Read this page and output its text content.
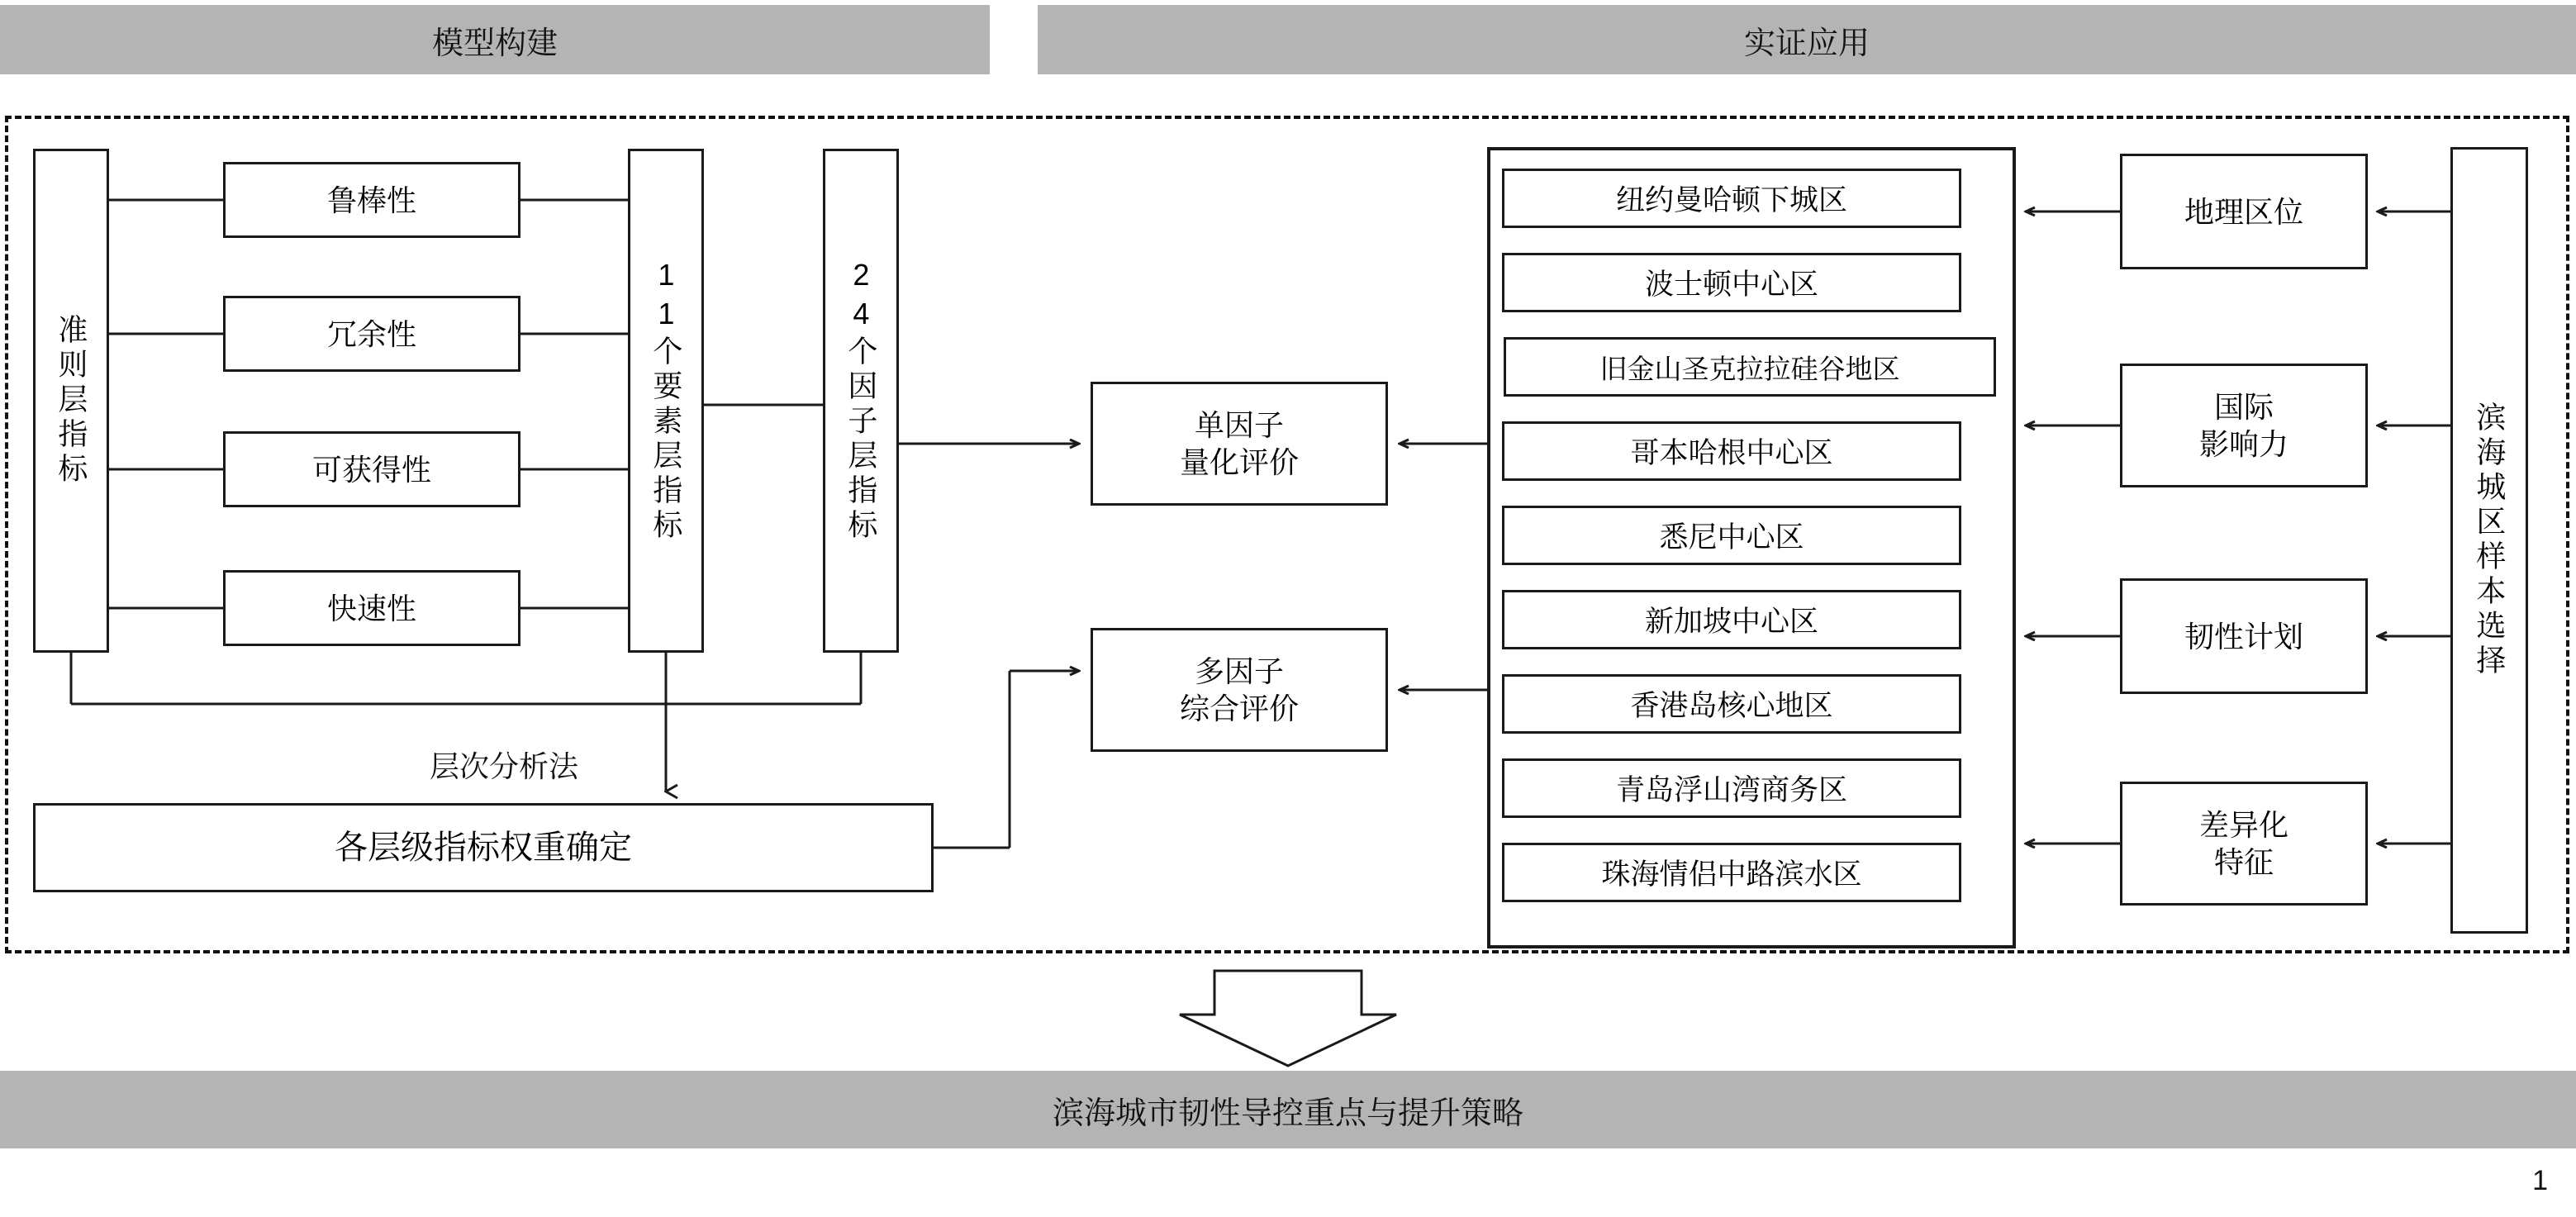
模型构建	实证应用
准则层指标
鲁棒性
冗余性
可获得性
快速性
11个要素层指标	24个因子层指标
层次分析法
各层级指标权重确定
单因子
量化评价
多因子
综合评价
纽约曼哈顿下城区
波士顿中心区
旧金山圣克拉拉硅谷地区
哥本哈根中心区
悉尼中心区
新加坡中心区
香港岛核心地区
青岛浮山湾商务区
珠海情侣中路滨水区
地理区位
国际
影响力
韧性计划
差异化
特征
滨海城区样本选择
滨海城市韧性导控重点与提升策略
1
